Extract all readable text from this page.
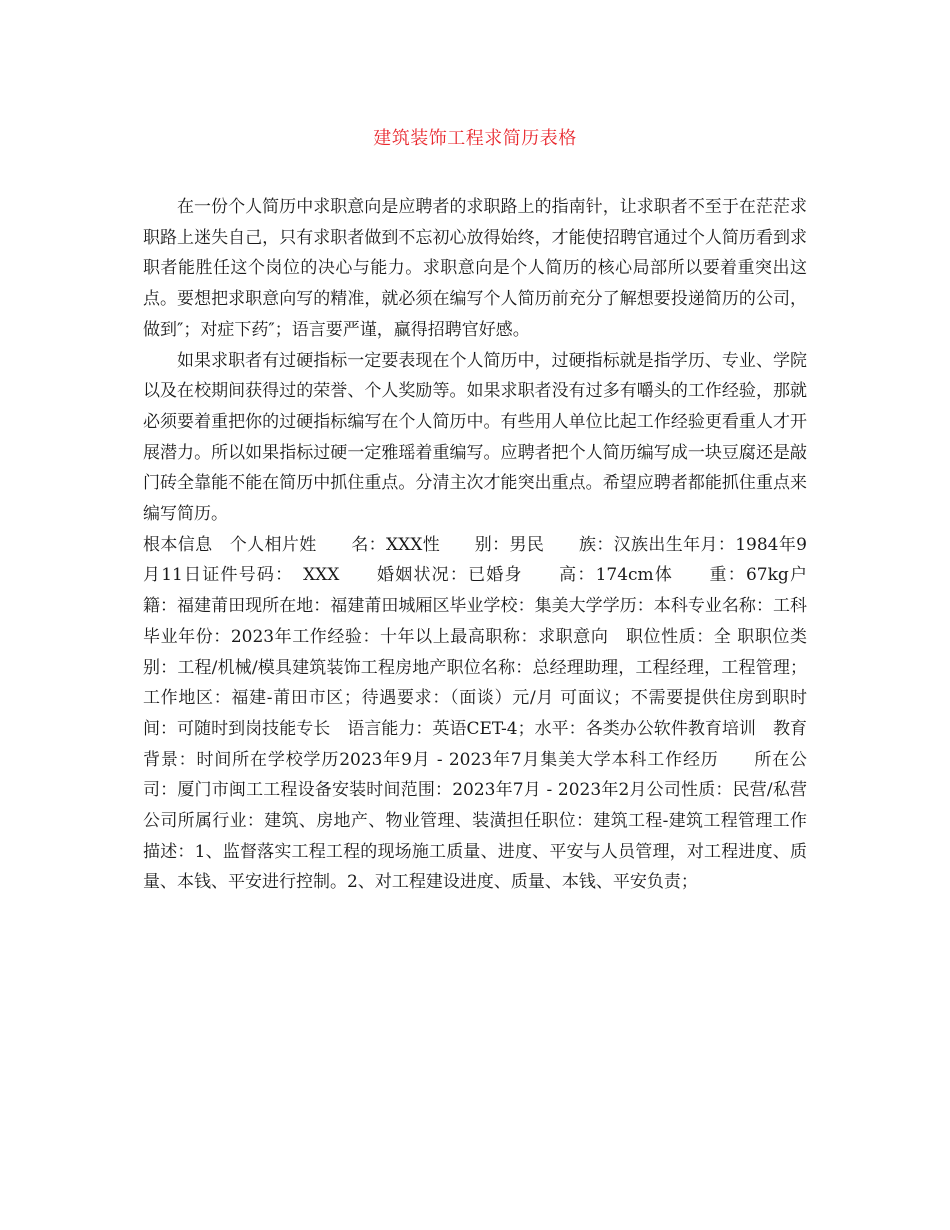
建筑装饰工程求简历表格

在一份个人简历中求职意向是应聘者的求职路上的指南针，让求职者不至于在茫茫求职路上迷失自己，只有求职者做到不忘初心放得始终，才能使招聘官通过个人简历看到求职者能胜任这个岗位的决心与能力。求职意向是个人简历的核心局部所以要着重突出这点。要想把求职意向写的精准，就必须在编写个人简历前充分了解想要投递简历的公司，做到″；对症下药″；语言要严谨，赢得招聘官好感。

如果求职者有过硬指标一定要表现在个人简历中，过硬指标就是指学历、专业、学院以及在校期间获得过的荣誉、个人奖励等。如果求职者没有过多有嚼头的工作经验，那就必须要着重把你的过硬指标编写在个人简历中。有些用人单位比起工作经验更看重人才开展潜力。所以如果指标过硬一定雅瑶着重编写。应聘者把个人简历编写成一块豆腐还是敲门砖全靠能不能在简历中抓住重点。分清主次才能突出重点。希望应聘者都能抓住重点来编写简历。

根本信息　个人相片姓　　名：XXX性　　别：男民　　族：汉族出生年月：1984年9月11日证件号码：　XXX　　婚姻状况：已婚身　　高：174cm体　　重：67kg户　　籍：福建莆田现所在地：福建莆田城厢区毕业学校：集美大学学历：本科专业名称：工科毕业年份：2023年工作经验：十年以上最高职称：求职意向　职位性质：全 职职位类别：工程/机械/模具建筑装饰工程房地产职位名称：总经理助理，工程经理，工程管理；工作地区：福建-莆田市区；待遇要求：（面谈）元/月 可面议；不需要提供住房到职时间：可随时到岗技能专长　语言能力：英语CET-4；水平：各类办公软件教育培训　教育背景：时间所在学校学历2023年9月 - 2023年7月集美大学本科工作经历　　所在公司：厦门市闽工工程设备安装时间范围：2023年7月 - 2023年2月公司性质：民营/私营公司所属行业：建筑、房地产、物业管理、装潢担任职位：建筑工程-建筑工程管理工作描述：1、监督落实工程工程的现场施工质量、进度、平安与人员管理，对工程进度、质量、本钱、平安进行控制。2、对工程建设进度、质量、本钱、平安负责；
